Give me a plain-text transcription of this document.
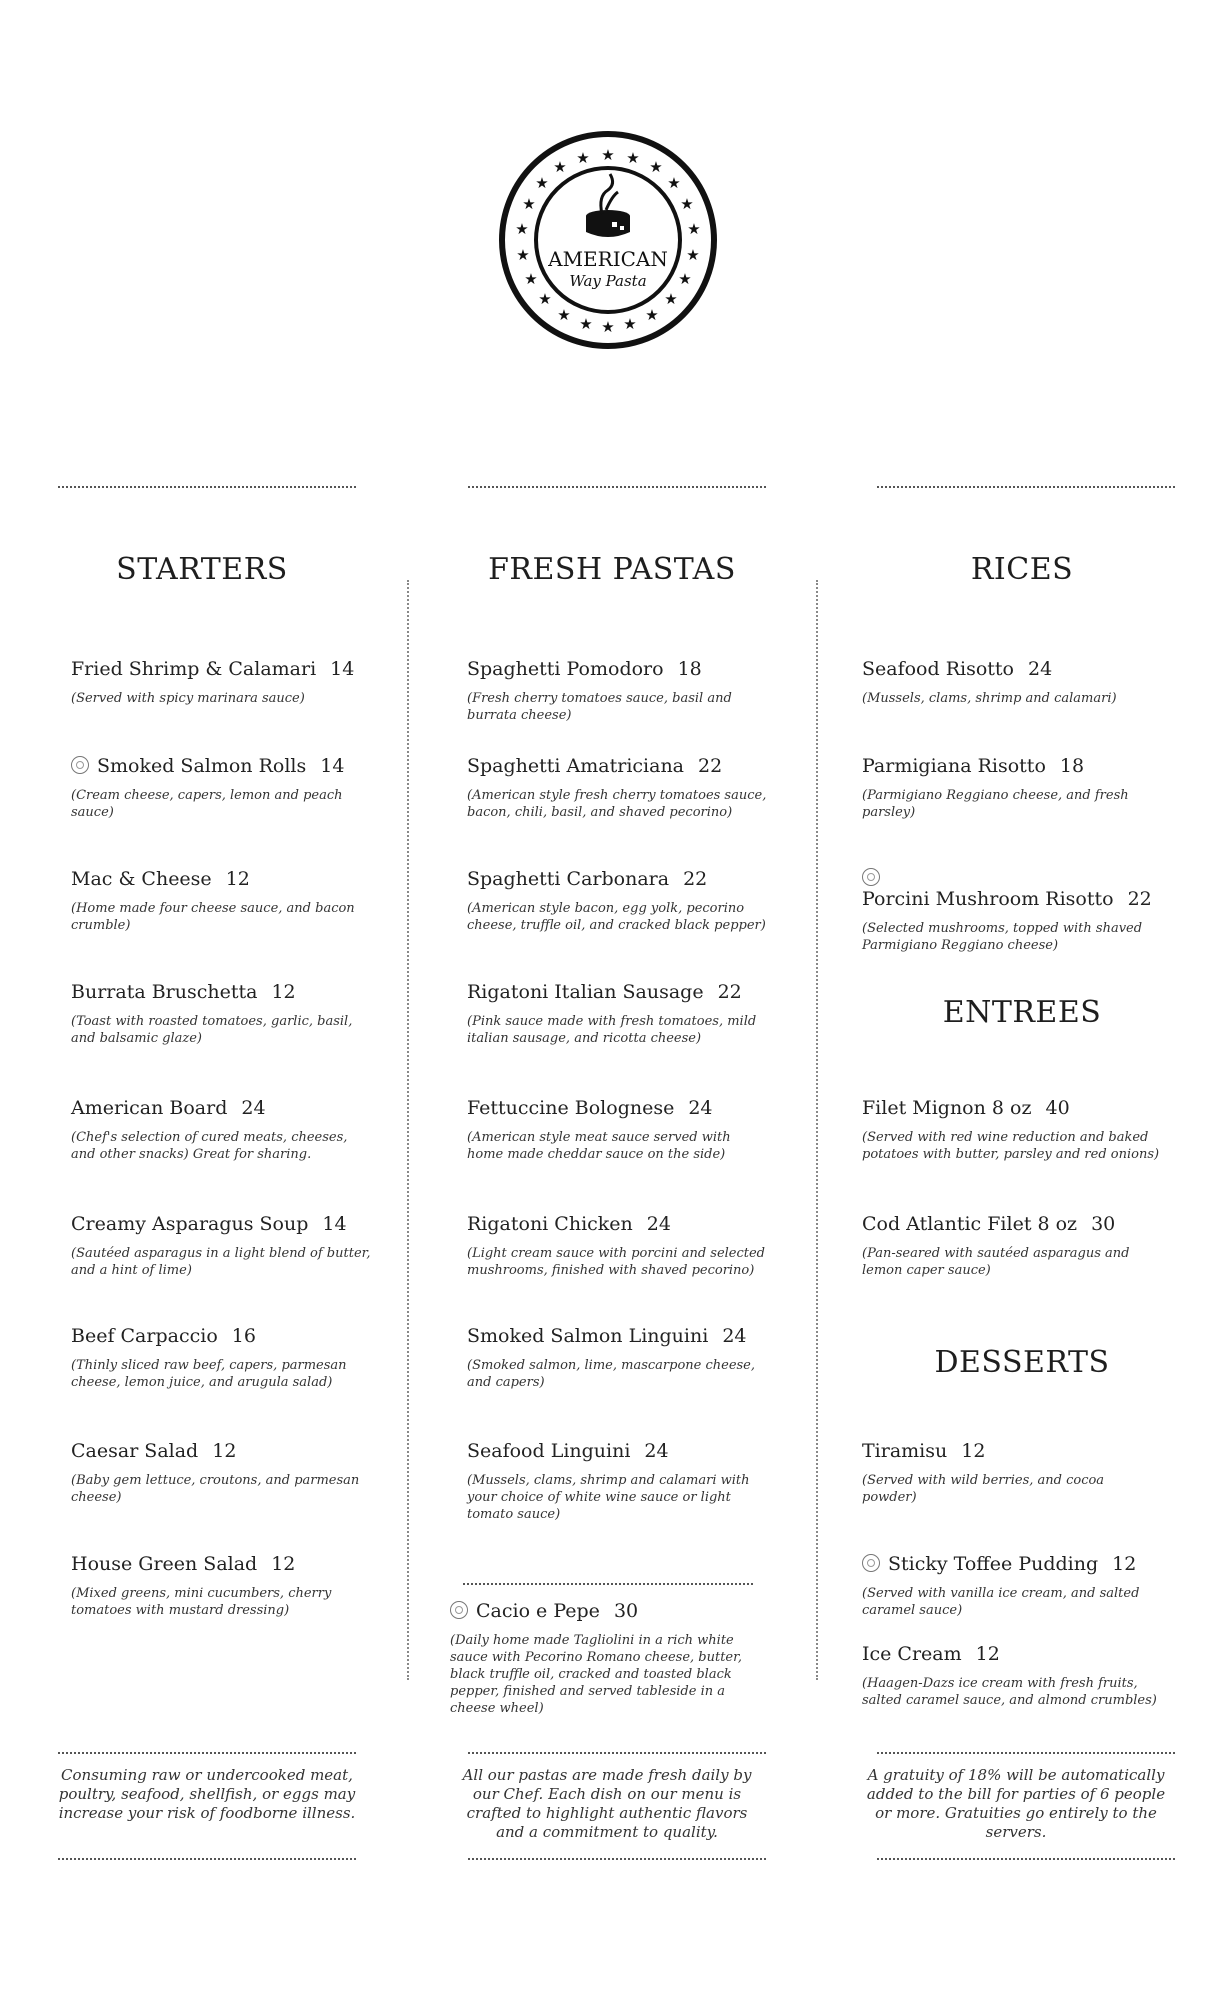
★ ★ ★
★
★
★
★
★
★
★
★
★
★
★
★
★
★
★
★
★
★ ★
AMERICAN
Way Pasta
STARTERS	FRESH PASTAS	RICES
ENTREES
DESSERTS
Fried Shrimp & Calamari 14
(Served with spicy marinara sauce)
Smoked Salmon Rolls 14
(Cream cheese, capers, lemon and peach sauce)
Mac & Cheese 12
(Home made four cheese sauce, and bacon crumble)
Burrata Bruschetta 12
(Toast with roasted tomatoes, garlic, basil, and balsamic glaze)
American Board 24
(Chef's selection of cured meats, cheeses, and other snacks) Great for sharing.
Creamy Asparagus Soup 14
(Sautéed asparagus in a light blend of butter, and a hint of lime)
Beef Carpaccio 16
(Thinly sliced raw beef, capers, parmesan cheese, lemon juice, and arugula salad)
Caesar Salad 12
(Baby gem lettuce, croutons, and parmesan cheese)
House Green Salad 12
(Mixed greens, mini cucumbers, cherry tomatoes with mustard dressing)
Spaghetti Pomodoro 18
(Fresh cherry tomatoes sauce, basil and burrata cheese)
Spaghetti Amatriciana 22
(American style fresh cherry tomatoes sauce, bacon, chili, basil, and shaved pecorino)
Spaghetti Carbonara 22
(American style bacon, egg yolk, pecorino cheese, truffle oil, and cracked black pepper)
Rigatoni Italian Sausage 22
(Pink sauce made with fresh tomatoes, mild italian sausage, and ricotta cheese)
Fettuccine Bolognese 24
(American style meat sauce served with home made cheddar sauce on the side)
Rigatoni Chicken 24
(Light cream sauce with porcini and selected mushrooms, finished with shaved pecorino)
Smoked Salmon Linguini 24
(Smoked salmon, lime, mascarpone cheese, and capers)
Seafood Linguini 24
(Mussels, clams, shrimp and calamari with your choice of white wine sauce or light tomato sauce)
Cacio e Pepe 30
(Daily home made Tagliolini in a rich white sauce with Pecorino Romano cheese, butter, black truffle oil, cracked and toasted black pepper, finished and served tableside in a cheese wheel)
Seafood Risotto 24
(Mussels, clams, shrimp and calamari)
Parmigiana Risotto 18
(Parmigiano Reggiano cheese, and fresh parsley)
Porcini Mushroom Risotto 22
(Selected mushrooms, topped with shaved Parmigiano Reggiano cheese)
Filet Mignon 8 oz 40
(Served with red wine reduction and baked potatoes with butter, parsley and red onions)
Cod Atlantic Filet 8 oz 30
(Pan-seared with sautéed asparagus and lemon caper sauce)
Tiramisu 12
(Served with wild berries, and cocoa powder)
Sticky Toffee Pudding 12
(Served with vanilla ice cream, and salted caramel sauce)
Ice Cream 12
(Haagen-Dazs ice cream with fresh fruits, salted caramel sauce, and almond crumbles)
Consuming raw or undercooked meat, poultry, seafood, shellfish, or eggs may increase your risk of foodborne illness.
All our pastas are made fresh daily by our Chef. Each dish on our menu is crafted to highlight authentic flavors and a commitment to quality.
A gratuity of 18% will be automatically added to the bill for parties of 6 people or more. Gratuities go entirely to the servers.
